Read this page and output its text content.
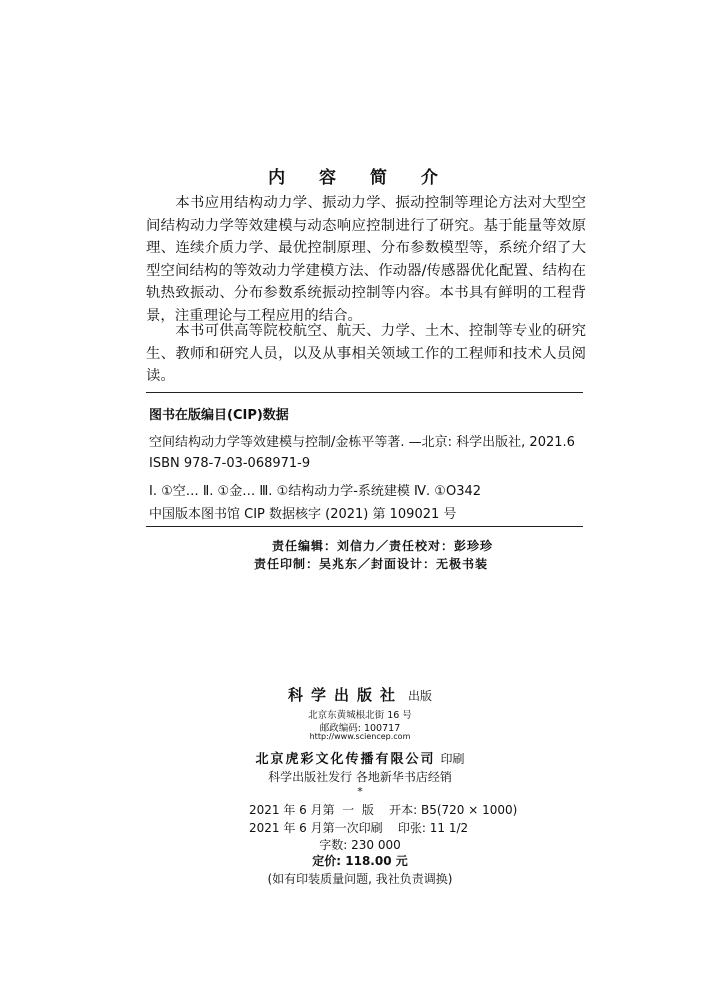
内 容 简 介
本书应用结构动力学、振动力学、振动控制等理论方法对大型空间结构动力学等效建模与动态响应控制进行了研究。基于能量等效原理、连续介质力学、最优控制原理、分布参数模型等，系统介绍了大型空间结构的等效动力学建模方法、作动器/传感器优化配置、结构在轨热致振动、分布参数系统振动控制等内容。本书具有鲜明的工程背景，注重理论与工程应用的结合。
本书可供高等院校航空、航天、力学、土木、控制等专业的研究生、教师和研究人员，以及从事相关领域工作的工程师和技术人员阅读。
图书在版编目(CIP)数据
空间结构动力学等效建模与控制/金栋平等著. —北京: 科学出版社, 2021.6
ISBN 978-7-03-068971-9
Ⅰ. ①空… Ⅱ. ①金… Ⅲ. ①结构动力学-系统建模 Ⅳ. ①O342
中国版本图书馆 CIP 数据核字 (2021) 第 109021 号
责任编辑：刘信力／责任校对：彭珍珍
责任印制：吴兆东／封面设计：无极书装
科学出版社 出版
北京东黄城根北街 16 号
邮政编码: 100717
http://www.sciencep.com
北京虎彩文化传播有限公司 印刷
科学出版社发行 各地新华书店经销
*
2021 年 6 月第  一  版    开本: B5(720 × 1000)
2021 年 6 月第一次印刷    印张: 11 1/2
字数: 230 000
定价: 118.00 元
(如有印装质量问题, 我社负责调换)
